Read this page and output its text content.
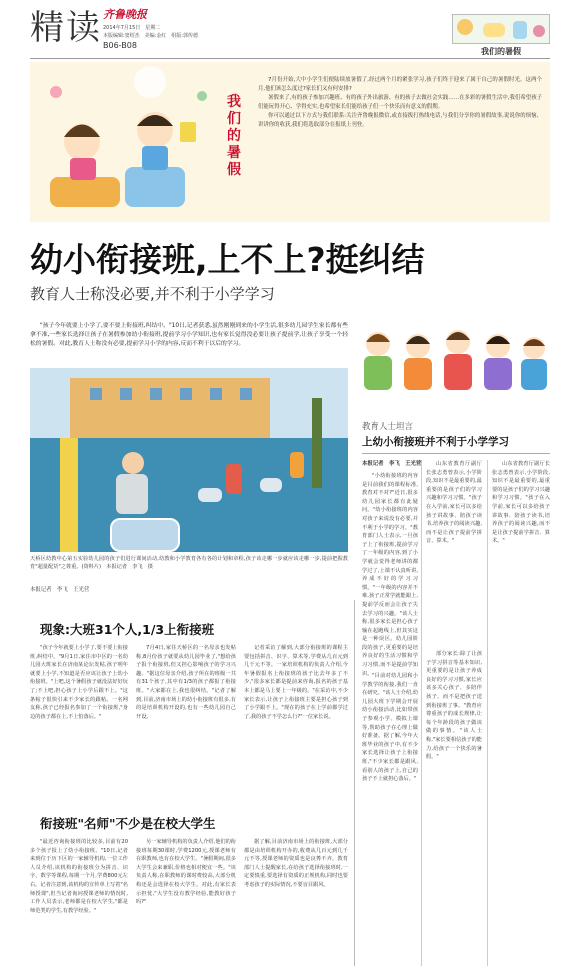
精读 齐鲁晚报
2014年7月15日　星期二
本版编辑:窦绍杰　美编:金红　组版:郭传德
B06-B08
我们的暑假
我们的暑假

7月份开始,大中小学生们便陆续放暑假了,经过两个月的紧张学习,孩子们终于迎来了属于自己的暑假时光。这两个月,他们该怎么度过?家长们又有何安排?

暑假来了,有的孩子参加兴趣班、有的孩子外出旅游、有的孩子去做社会实践……在多彩的暑假生活中,我们希望孩子们能玩得开心、学得充实,也希望家长们能给孩子们一个快乐而有意义的假期。

你可以通过以下方式与我们联系:关注齐鲁晚报微信,或直接拨打热线电话,与我们分享你的暑假故事,说说你的烦恼、讲讲你的收获,我们将选取部分在报纸上刊登。

幼小衔接班,上不上?挺纠结
教育人士称没必要,并不利于小学学习
"孩子今年就要上小学了,要不要上衔接班,纠结中。"10日,记者获悉,虽然刚刚到来的小学生活,很多幼儿园学生家长都有些拿不准,一些家长选择让孩子在暑假参加幼小衔接班,提前学习小学知识,也有家长觉得没必要让孩子提前学,让孩子享受一个轻松的暑假。对此,教育人士称没有必要,提前学习小学的内容,反而不利于以后的学习。
天桥区幼教中心第五实验幼儿园的孩子们进行课间活动,幼教和小学教育各有各的计划和章程,孩子该走哪一步就应该走哪一步,提前把握教育"超量配货"之尊重。(资料片)　本报记者　李飞　摄
本报记者　李飞　王光营
教育人士坦言
上幼小衔接班并不利于小学学习
本报记者　李飞　王光营
"小幼衔接班的内容是目前我们的课程标准,教育对不对?"近日,很多幼儿园家长都有此疑问。"幼小衔接班的内容对孩子来说没有必要,并不利于小学的学习。"教育部门人士表示,一旦孩子上了衔接班,提前学习了一年级的内容,到了小学就会觉得老师讲的都学过了,上课不认真听讲,养成不好的学习习惯。"一年级的内容并不难,孩子正常学就能跟上,提前学反而会让孩子失去学习的兴趣。"该人士称,很多家长是担心孩子输在起跑线上,但其实这是一种误区。幼儿园阶段的孩子,更重要的是培养良好的生活习惯和学习习惯,而不是提前学知识。 "目前对幼儿园和小学教学的衔接,我们一直在研究。"该人士介绍,幼儿园大班下学期会开展幼小衔接活动,比如带孩子参观小学、模拟上课等,帮助孩子在心理上做好准备。据了解,今年大班毕业的孩子中,有不少家长选择让孩子上衔接班,"不少家长都是跟风,看别人的孩子上,自己的孩子不上就担心落后。"
山东省教育厅副厅长张志勇曾表示,小学阶段,知识不是最重要的,最重要的是孩子们的学习兴趣和学习习惯。"孩子在入学前,家长可以多给孩子讲故事、陪孩子读书,培养孩子的阅读兴趣,而不是让孩子提前学拼音、算术。"
部分家长:除了让孩子学习拼音等基本知识,更重要的是让孩子养成良好的学习习惯,家长应该多关心孩子、多陪伴孩子。而不是把孩子送到衔接班了事。"教育应尊重孩子的成长规律,让每个年龄段的孩子做该做的事情。"该人士称,"家长要相信孩子的能力,给孩子一个快乐的暑假。"
山东省教育厅副厅长张志勇曾表示,小学阶段,知识不是最重要的,最重要的是孩子们的学习兴趣和学习习惯。"孩子在入学前,家长可以多给孩子讲故事、陪孩子读书,培养孩子的阅读兴趣,而不是让孩子提前学拼音、算术。"
现象:大班31个人,1/3上衔接班
"孩子今年就要上小学了,要不要上衔接班,纠结中。"9月1日,家住市中区的一名幼儿园大班家长在济南某论坛发帖,孩子明年就要上小学,不知道是否应该让孩子上幼小衔接班。"上吧,这个暑假孩子就没法好好玩了;不上吧,担心孩子上小学后跟不上。"这条帖子很快引来不少家长的跟帖。一名网友称,孩子已经报名参加了一个衔接班,"身边的孩子都在上,不上怕落后。"
7月4日,家住天桥区的一名母亲也发帖称,8月份孩子就要从幼儿园毕业了,"想给孩子报个衔接班,但又担心影响孩子的学习兴趣。"据这位母亲介绍,孩子所在的班级一共有31个孩子,其中有1/3的孩子都报了衔接班。"大家都在上,我也很纠结。"记者了解到,目前,济南市场上的幼小衔接班有很多,有的是培训机构开设的,也有一些幼儿园自己开设。
记者采访了解到,大部分衔接班的课程主要包括拼音、识字、算术等,学费从几百元到几千元不等。一家培训机构的负责人介绍,今年暑假报名上衔接班的孩子比去年多了不少,"很多家长都是提前来咨询,报名的孩子基本上都是马上要上一年级的。"在采访中,不少家长表示,让孩子上衔接班主要是担心孩子到了小学跟不上。"现在的孩子在上学前都学过了,我的孩子不学怎么行?"一位家长说。
衔接班"名师"不少是在校大学生
"最近咨询衔接班的比较多,目前有20多个孩子报上了幼小衔接班。"10日,记者来到位于历下区的一家辅导机构,一位工作人员介绍,该机构的衔接班分为拼音、识字、数学等课程,每期一个月,学费800元左右。记者注意到,该机构的宣传单上写着"名师授课",但当记者询问授课老师的情况时,工作人员表示,老师都是在校大学生,"都是师范类的学生,有教学经验。"
另一家辅导机构的负责人介绍,他们的衔接班每期30课时,学费1200元,授课老师有在职教师,也有在校大学生。"暑假期间,很多大学生会来兼职,价格也相对便宜一些。"该负责人称,在职教师的课时费较高,大部分机构还是会选择在校大学生。对此,有家长表示担忧,"大学生没有教学经验,能教好孩子吗?"
据了解,目前济南市场上的衔接班,大部分都是由培训机构开办的,收费从几百元到几千元不等,授课老师的资质也是良莠不齐。教育部门人士提醒家长,在给孩子选择衔接班时,一定要慎重,要选择有资质的正规机构,同时也要考虑孩子的实际情况,不要盲目跟风。
